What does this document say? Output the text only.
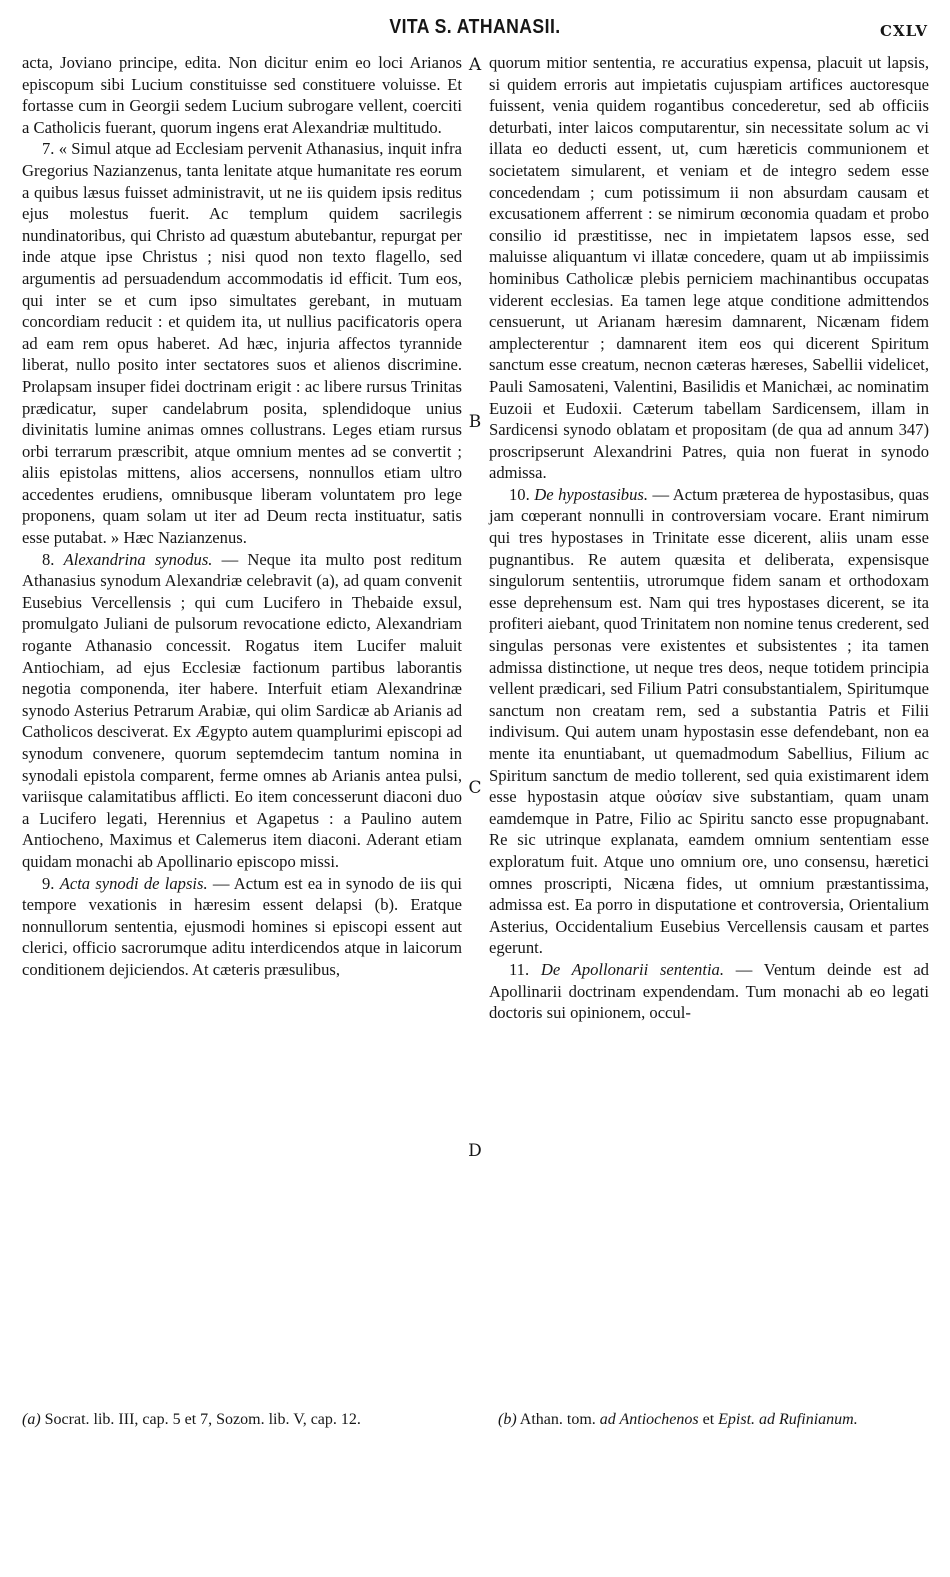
VITA S. ATHANASII.	CXLV
A
B
C
D

acta, Joviano principe, edita. Non dicitur enim eo loci Arianos episcopum sibi Lucium constituisse sed constituere voluisse. Et fortasse cum in Georgii sedem Lucium subrogare vellent, coerciti a Catholicis fuerant, quorum ingens erat Alexandriæ multitudo.

7. « Simul atque ad Ecclesiam pervenit Athanasius, inquit infra Gregorius Nazianzenus, tanta lenitate atque humanitate res eorum a quibus læsus fuisset administravit, ut ne iis quidem ipsis reditus ejus molestus fuerit. Ac templum quidem sacrilegis nundinatoribus, qui Christo ad quæstum abutebantur, repurgat per inde atque ipse Christus ; nisi quod non texto flagello, sed argumentis ad persuadendum accommodatis id efficit. Tum eos, qui inter se et cum ipso simultates gerebant, in mutuam concordiam reducit : et quidem ita, ut nullius pacificatoris opera ad eam rem opus haberet. Ad hæc, injuria affectos tyrannide liberat, nullo posito inter sectatores suos et alienos discrimine. Prolapsam insuper fidei doctrinam erigit : ac libere rursus Trinitas prædicatur, super candelabrum posita, splendidoque unius divinitatis lumine animas omnes collustrans. Leges etiam rursus orbi terrarum præscribit, atque omnium mentes ad se convertit ; aliis epistolas mittens, alios accersens, nonnullos etiam ultro accedentes erudiens, omnibusque liberam voluntatem pro lege proponens, quam solam ut iter ad Deum recta instituatur, satis esse putabat. » Hæc Nazianzenus.

8. Alexandrina synodus. — Neque ita multo post reditum Athanasius synodum Alexandriæ celebravit (a), ad quam convenit Eusebius Vercellensis ; qui cum Lucifero in Thebaide exsul, promulgato Juliani de pulsorum revocatione edicto, Alexandriam rogante Athanasio concessit. Rogatus item Lucifer maluit Antiochiam, ad ejus Ecclesiæ factionum partibus laborantis negotia componenda, iter habere. Interfuit etiam Alexandrinæ synodo Asterius Petrarum Arabiæ, qui olim Sardicæ ab Arianis ad Catholicos desciverat. Ex Ægypto autem quamplurimi episcopi ad synodum convenere, quorum septemdecim tantum nomina in synodali epistola comparent, ferme omnes ab Arianis antea pulsi, variisque calamitatibus afflicti. Eo item concesserunt diaconi duo a Lucifero legati, Herennius et Agapetus : a Paulino autem Antiocheno, Maximus et Calemerus item diaconi. Aderant etiam quidam monachi ab Apollinario episcopo missi.

9. Acta synodi de lapsis. — Actum est ea in synodo de iis qui tempore vexationis in hæresim essent delapsi (b). Eratque nonnullorum sententia, ejusmodi homines si episcopi essent aut clerici, officio sacrorumque aditu interdicendos atque in laicorum conditionem dejiciendos. At cæteris præsulibus,

quorum mitior sententia, re accuratius expensa, placuit ut lapsis, si quidem erroris aut impietatis cujuspiam artifices auctoresque fuissent, venia quidem rogantibus concederetur, sed ab officiis deturbati, inter laicos computarentur, sin necessitate solum ac vi illata eo deducti essent, ut, cum hæreticis communionem et societatem simularent, et veniam et de integro sedem esse concedendam ; cum potissimum ii non absurdam causam et excusationem afferrent : se nimirum œconomia quadam et probo consilio id præstitisse, nec in impietatem lapsos esse, sed maluisse aliquantum vi illatæ concedere, quam ut ab impiissimis hominibus Catholicæ plebis perniciem machinantibus occupatas viderent ecclesias. Ea tamen lege atque conditione admittendos censuerunt, ut Arianam hæresim damnarent, Nicænam fidem amplecterentur ; damnarent item eos qui dicerent Spiritum sanctum esse creatum, necnon cæteras hæreses, Sabellii videlicet, Pauli Samosateni, Valentini, Basilidis et Manichæi, ac nominatim Euzoii et Eudoxii. Cæterum tabellam Sardicensem, illam in Sardicensi synodo oblatam et propositam (de qua ad annum 347) proscripserunt Alexandrini Patres, quia non fuerat in synodo admissa.

10. De hypostasibus. — Actum præterea de hypostasibus, quas jam cœperant nonnulli in controversiam vocare. Erant nimirum qui tres hypostases in Trinitate esse dicerent, aliis unam esse pugnantibus. Re autem quæsita et deliberata, expensisque singulorum sententiis, utrorumque fidem sanam et orthodoxam esse deprehensum est. Nam qui tres hypostases dicerent, se ita profiteri aiebant, quod Trinitatem non nomine tenus crederent, sed singulas personas vere existentes et subsistentes ; ita tamen admissa distinctione, ut neque tres deos, neque totidem principia vellent prædicari, sed Filium Patri consubstantialem, Spiritumque sanctum non creatam rem, sed a substantia Patris et Filii indivisum. Qui autem unam hypostasin esse defendebant, non ea mente ita enuntiabant, ut quemadmodum Sabellius, Filium ac Spiritum sanctum de medio tollerent, sed quia existimarent idem esse hypostasin atque οὐσίαν sive substantiam, quam unam eamdemque in Patre, Filio ac Spiritu sancto esse propugnabant. Re sic utrinque explanata, eamdem omnium sententiam esse exploratum fuit. Atque uno omnium ore, uno consensu, hæretici omnes proscripti, Nicæna fides, ut omnium præstantissima, admissa est. Ea porro in disputatione et controversia, Orientalium Asterius, Occidentalium Eusebius Vercellensis causam et partes egerunt.

11. De Apollonarii sententia. — Ventum deinde est ad Apollinarii doctrinam expendendam. Tum monachi ab eo legati doctoris sui opinionem, occul-

(a) Socrat. lib. III, cap. 5 et 7, Sozom. lib. V, cap. 12.	(b) Athan. tom. ad Antiochenos et Epist. ad Rufinianum.
